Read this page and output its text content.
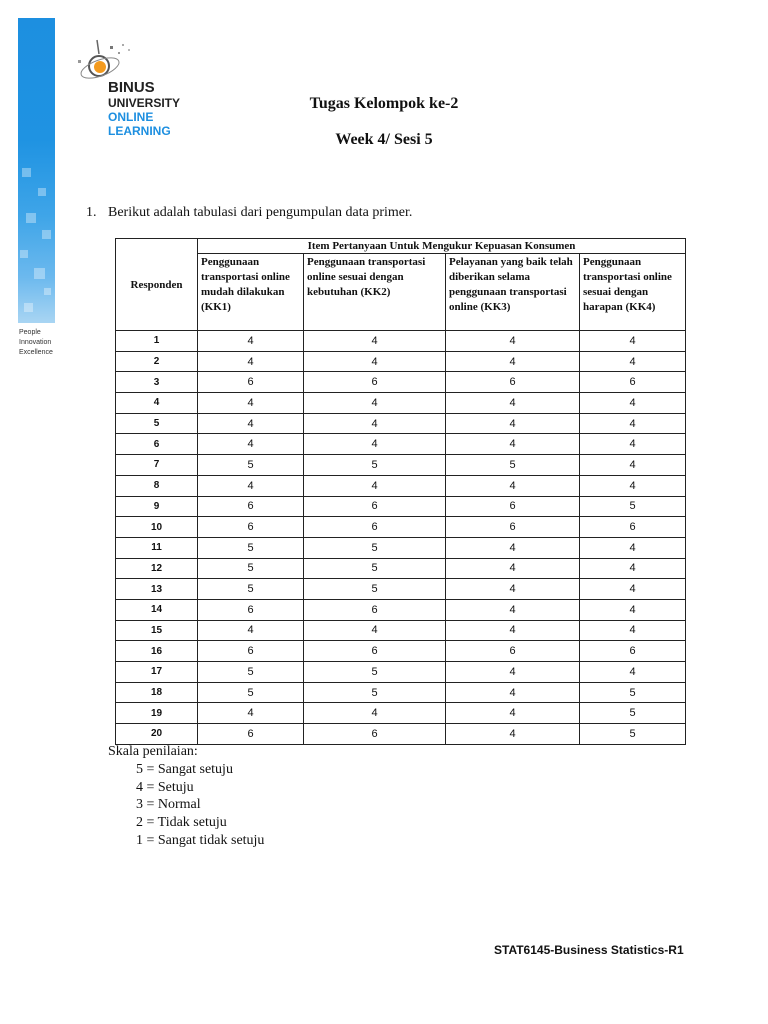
People
Innovation
Excellence
BINUS
UNIVERSITY
ONLINE
LEARNING
Tugas Kelompok ke-2
Week 4/ Sesi 5
1. Berikut adalah tabulasi dari pengumpulan data primer.
Responden	Item Pertanyaan Untuk Mengukur Kepuasan Konsumen			
	Penggunaan transportasi online mudah dilakukan (KK1)	Penggunaan transportasi online sesuai dengan kebutuhan (KK2)	Pelayanan yang baik telah diberikan selama penggunaan transportasi online (KK3)	Penggunaan transportasi online sesuai dengan harapan (KK4)
1	4	4	4	4
2	4	4	4	4
3	6	6	6	6
4	4	4	4	4
5	4	4	4	4
6	4	4	4	4
7	5	5	5	4
8	4	4	4	4
9	6	6	6	5
10	6	6	6	6
11	5	5	4	4
12	5	5	4	4
13	5	5	4	4
14	6	6	4	4
15	4	4	4	4
16	6	6	6	6
17	5	5	4	4
18	5	5	4	5
19	4	4	4	5
20	6	6	4	5
Skala penilaian:
5 = Sangat setuju
4 = Setuju
3 = Normal
2 = Tidak setuju
1 = Sangat tidak setuju
STAT6145-Business Statistics-R1
